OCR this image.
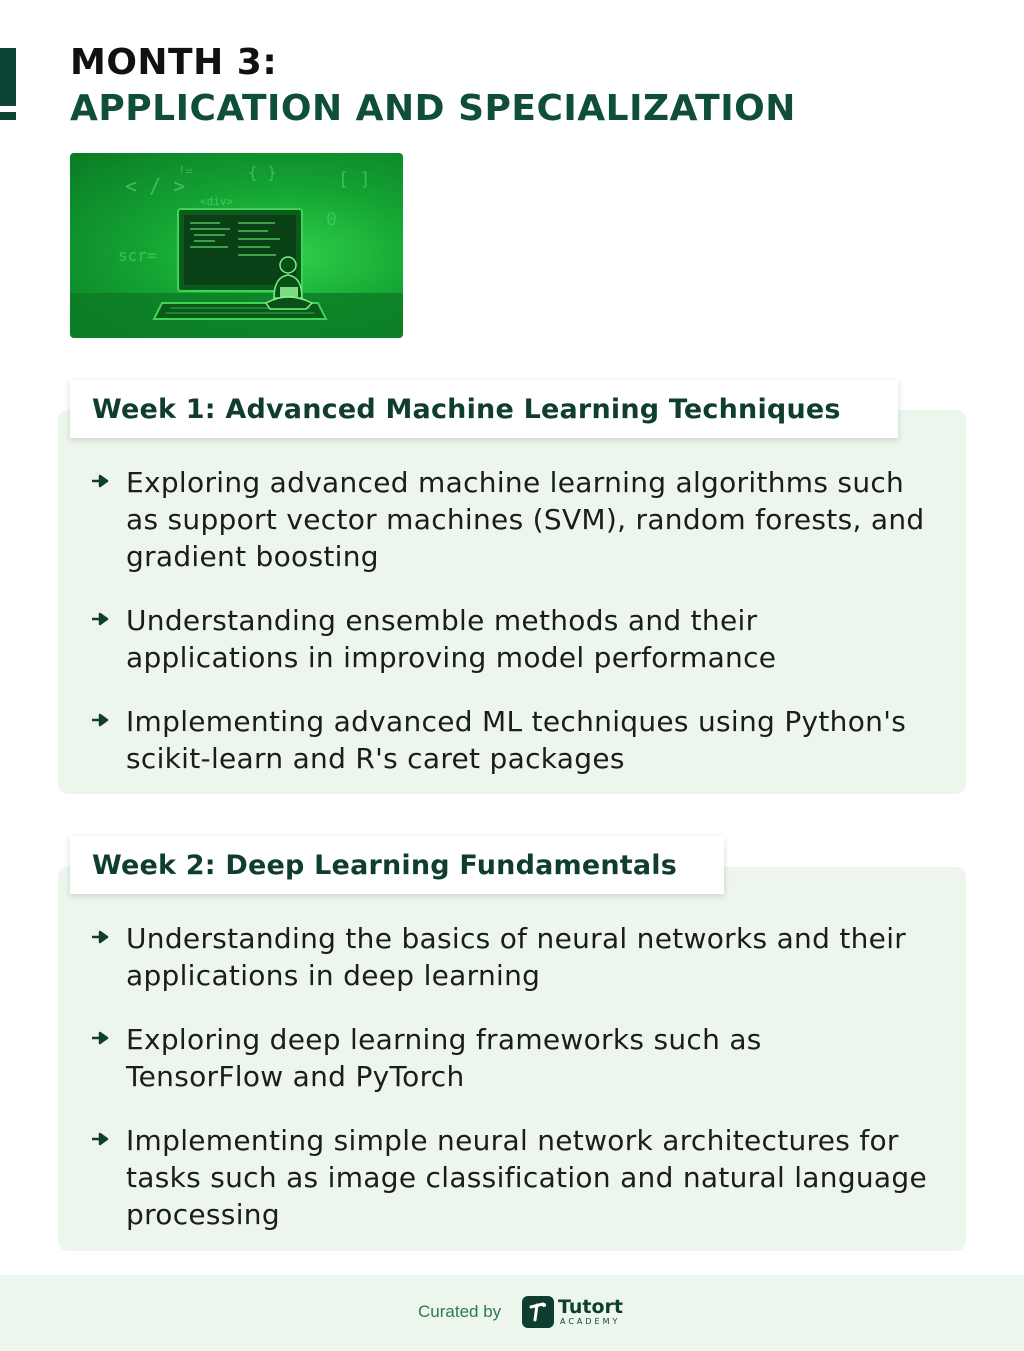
MONTH 3:
APPLICATION AND SPECIALIZATION
< / >
{ }	[ ]
<div>
scr=
!=
0
Week 1: Advanced Machine Learning Techniques
Exploring advanced machine learning algorithms such as support vector machines (SVM), random forests, and gradient boosting
Understanding ensemble methods and their applications in improving model performance
Implementing advanced ML techniques using Python's scikit-learn and R's caret packages
Week 2: Deep Learning Fundamentals
Understanding the basics of neural networks and their applications in deep learning
Exploring deep learning frameworks such as TensorFlow and PyTorch
Implementing simple neural network architectures for tasks such as image classification and natural language processing
Curated by	Tutort
ACADEMY
